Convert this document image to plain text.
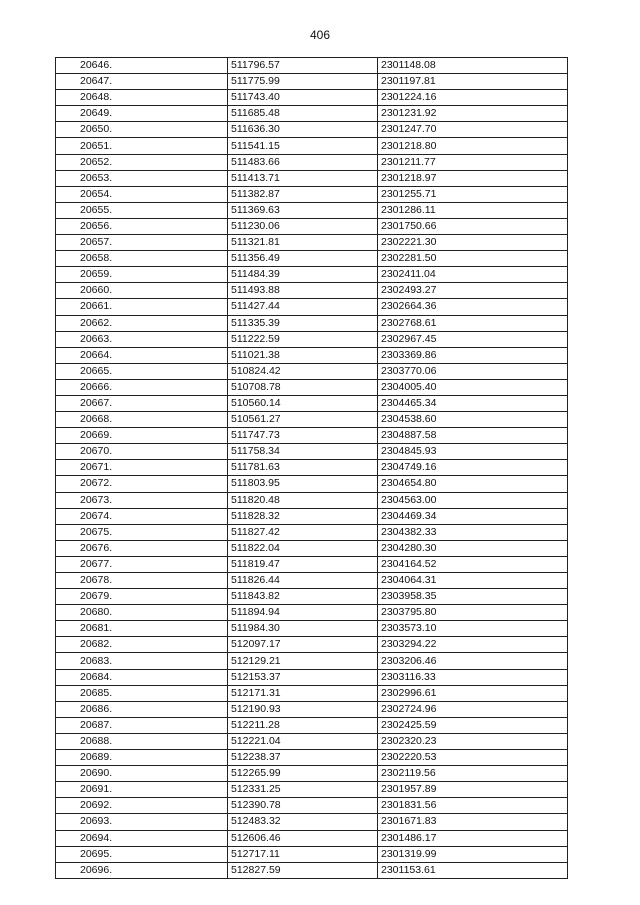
406
20646.	511796.57	2301148.08
20647.	511775.99	2301197.81
20648.	511743.40	2301224.16
20649.	511685.48	2301231.92
20650.	511636.30	2301247.70
20651.	511541.15	2301218.80
20652.	511483.66	2301211.77
20653.	511413.71	2301218.97
20654.	511382.87	2301255.71
20655.	511369.63	2301286.11
20656.	511230.06	2301750.66
20657.	511321.81	2302221.30
20658.	511356.49	2302281.50
20659.	511484.39	2302411.04
20660.	511493.88	2302493.27
20661.	511427.44	2302664.36
20662.	511335.39	2302768.61
20663.	511222.59	2302967.45
20664.	511021.38	2303369.86
20665.	510824.42	2303770.06
20666.	510708.78	2304005.40
20667.	510560.14	2304465.34
20668.	510561.27	2304538.60
20669.	511747.73	2304887.58
20670.	511758.34	2304845.93
20671.	511781.63	2304749.16
20672.	511803.95	2304654.80
20673.	511820.48	2304563.00
20674.	511828.32	2304469.34
20675.	511827.42	2304382.33
20676.	511822.04	2304280.30
20677.	511819.47	2304164.52
20678.	511826.44	2304064.31
20679.	511843.82	2303958.35
20680.	511894.94	2303795.80
20681.	511984.30	2303573.10
20682.	512097.17	2303294.22
20683.	512129.21	2303206.46
20684.	512153.37	2303116.33
20685.	512171.31	2302996.61
20686.	512190.93	2302724.96
20687.	512211.28	2302425.59
20688.	512221.04	2302320.23
20689.	512238.37	2302220.53
20690.	512265.99	2302119.56
20691.	512331.25	2301957.89
20692.	512390.78	2301831.56
20693.	512483.32	2301671.83
20694.	512606.46	2301486.17
20695.	512717.11	2301319.99
20696.	512827.59	2301153.61
